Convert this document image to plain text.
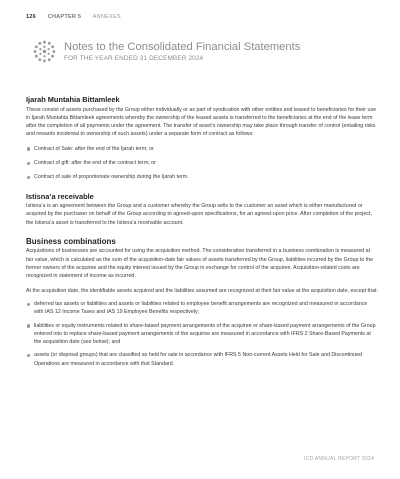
126 CHAPTER 5 ANNEXES
Notes to the Consolidated Financial Statements
FOR THE YEAR ENDED 31 DECEMBER 2024
Ijarah Muntahia Bittamleek

These consist of assets purchased by the Group either individually or as part of syndication with other entities and leased to beneficiaries for their use in Ijarah Muntahia Bittamleek agreements whereby the ownership of the leased assets is transferred to the beneficiaries at the end of the lease term after the completion of all payments under the agreement. The transfer of asset’s ownership may take place through transfer of control (entailing risks and rewards incidental to ownership of such assets) under a separate form of contract as follows:

Contract of Sale: after the end of the Ijarah term; or
Contract of gift: after the end of the contract term; or
Contract of sale of proportionate ownership during the Ijarah term.
Istisna’a receivable

Istisna’a is an agreement between the Group and a customer whereby the Group sells to the customer an asset which is either manufactured or acquired by the purchaser on behalf of the Group according to agreed-upon specifications, for an agreed-upon price. After completion of the project, the Istisna’a asset is transferred to the Istisna’a receivable account.

Business combinations

Acquisitions of businesses are accounted for using the acquisition method. The consideration transferred in a business combination is measured at fair value, which is calculated as the sum of the acquisition-date fair values of assets transferred by the Group, liabilities incurred by the Group to the former owners of the acquiree and the equity interest issued by the Group in exchange for control of the acquiree. Acquisition-related costs are recognized in statement of income as incurred.

At the acquisition date, the identifiable assets acquired and the liabilities assumed are recognized at their fair value at the acquisition date, except that:

deferred tax assets or liabilities and assets or liabilities related to employee benefit arrangements are recognized and measured in accordance with IAS 12 Income Taxes and IAS 19 Employee Benefits respectively;
liabilities or equity instruments related to share-based payment arrangements of the acquiree or share-based payment arrangements of the Group entered into to replace share-based payment arrangements of the acquiree are measured in accordance with IFRS 2 Share-Based Payments at the acquisition date (see below); and
assets (or disposal groups) that are classified as held for sale in accordance with IFRS 5 Non-current Assets Held for Sale and Discontinued Operations are measured in accordance with that Standard.
ICD ANNUAL REPORT 2024
